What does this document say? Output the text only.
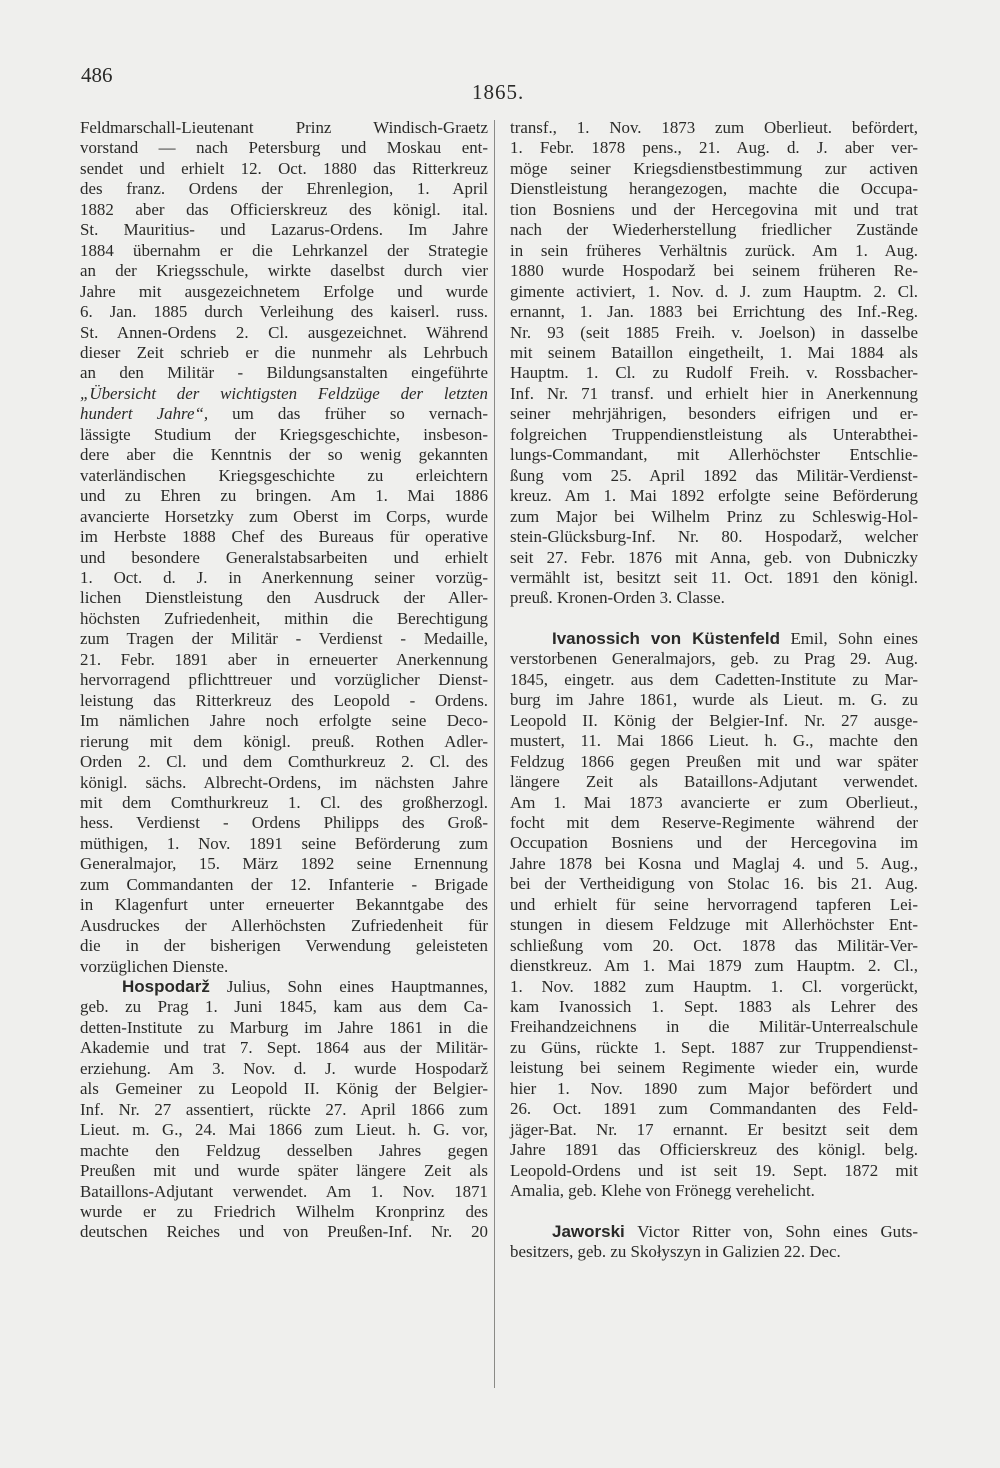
486
1865.
Feldmarschall-Lieutenant Prinz Windisch-Graetz
vorstand — nach Petersburg und Moskau ent-
sendet und erhielt 12. Oct. 1880 das Ritterkreuz
des franz. Ordens der Ehrenlegion, 1. April
1882 aber das Officierskreuz des königl. ital.
St. Mauritius- und Lazarus-Ordens. Im Jahre
1884 übernahm er die Lehrkanzel der Strategie
an der Kriegsschule, wirkte daselbst durch vier
Jahre mit ausgezeichnetem Erfolge und wurde
6. Jan. 1885 durch Verleihung des kaiserl. russ.
St. Annen-Ordens 2. Cl. ausgezeichnet. Während
dieser Zeit schrieb er die nunmehr als Lehrbuch
an den Militär - Bildungsanstalten eingeführte
„Übersicht der wichtigsten Feldzüge der letzten
hundert Jahre“, um das früher so vernach-
lässigte Studium der Kriegsgeschichte, insbeson-
dere aber die Kenntnis der so wenig gekannten
vaterländischen Kriegsgeschichte zu erleichtern
und zu Ehren zu bringen. Am 1. Mai 1886
avancierte Horsetzky zum Oberst im Corps, wurde
im Herbste 1888 Chef des Bureaus für operative
und besondere Generalstabsarbeiten und erhielt
1. Oct. d. J. in Anerkennung seiner vorzüg-
lichen Dienstleistung den Ausdruck der Aller-
höchsten Zufriedenheit, mithin die Berechtigung
zum Tragen der Militär - Verdienst - Medaille,
21. Febr. 1891 aber in erneuerter Anerkennung
hervorragend pflichttreuer und vorzüglicher Dienst-
leistung das Ritterkreuz des Leopold - Ordens.
Im nämlichen Jahre noch erfolgte seine Deco-
rierung mit dem königl. preuß. Rothen Adler-
Orden 2. Cl. und dem Comthurkreuz 2. Cl. des
königl. sächs. Albrecht-Ordens, im nächsten Jahre
mit dem Comthurkreuz 1. Cl. des großherzogl.
hess. Verdienst - Ordens Philipps des Groß-
müthigen, 1. Nov. 1891 seine Beförderung zum
Generalmajor, 15. März 1892 seine Ernennung
zum Commandanten der 12. Infanterie - Brigade
in Klagenfurt unter erneuerter Bekanntgabe des
Ausdruckes der Allerhöchsten Zufriedenheit für
die in der bisherigen Verwendung geleisteten
vorzüglichen Dienste.
Hospodarž Julius, Sohn eines Hauptmannes,
geb. zu Prag 1. Juni 1845, kam aus dem Ca-
detten-Institute zu Marburg im Jahre 1861 in die
Akademie und trat 7. Sept. 1864 aus der Militär-
erziehung. Am 3. Nov. d. J. wurde Hospodarž
als Gemeiner zu Leopold II. König der Belgier-
Inf. Nr. 27 assentiert, rückte 27. April 1866 zum
Lieut. m. G., 24. Mai 1866 zum Lieut. h. G. vor,
machte den Feldzug desselben Jahres gegen
Preußen mit und wurde später längere Zeit als
Bataillons-Adjutant verwendet. Am 1. Nov. 1871
wurde er zu Friedrich Wilhelm Kronprinz des
deutschen Reiches und von Preußen-Inf. Nr. 20
transf., 1. Nov. 1873 zum Oberlieut. befördert,
1. Febr. 1878 pens., 21. Aug. d. J. aber ver-
möge seiner Kriegsdienstbestimmung zur activen
Dienstleistung herangezogen, machte die Occupa-
tion Bosniens und der Hercegovina mit und trat
nach der Wiederherstellung friedlicher Zustände
in sein früheres Verhältnis zurück. Am 1. Aug.
1880 wurde Hospodarž bei seinem früheren Re-
gimente activiert, 1. Nov. d. J. zum Hauptm. 2. Cl.
ernannt, 1. Jan. 1883 bei Errichtung des Inf.-Reg.
Nr. 93 (seit 1885 Freih. v. Joelson) in dasselbe
mit seinem Bataillon eingetheilt, 1. Mai 1884 als
Hauptm. 1. Cl. zu Rudolf Freih. v. Rossbacher-
Inf. Nr. 71 transf. und erhielt hier in Anerkennung
seiner mehrjährigen, besonders eifrigen und er-
folgreichen Truppendienstleistung als Unterabthei-
lungs-Commandant, mit Allerhöchster Entschlie-
ßung vom 25. April 1892 das Militär-Verdienst-
kreuz. Am 1. Mai 1892 erfolgte seine Beförderung
zum Major bei Wilhelm Prinz zu Schleswig-Hol-
stein-Glücksburg-Inf. Nr. 80. Hospodarž, welcher
seit 27. Febr. 1876 mit Anna, geb. von Dubniczky
vermählt ist, besitzt seit 11. Oct. 1891 den königl.
preuß. Kronen-Orden 3. Classe.
Ivanossich von Küstenfeld Emil, Sohn eines
verstorbenen Generalmajors, geb. zu Prag 29. Aug.
1845, eingetr. aus dem Cadetten-Institute zu Mar-
burg im Jahre 1861, wurde als Lieut. m. G. zu
Leopold II. König der Belgier-Inf. Nr. 27 ausge-
mustert, 11. Mai 1866 Lieut. h. G., machte den
Feldzug 1866 gegen Preußen mit und war später
längere Zeit als Bataillons-Adjutant verwendet.
Am 1. Mai 1873 avancierte er zum Oberlieut.,
focht mit dem Reserve-Regimente während der
Occupation Bosniens und der Hercegovina im
Jahre 1878 bei Kosna und Maglaj 4. und 5. Aug.,
bei der Vertheidigung von Stolac 16. bis 21. Aug.
und erhielt für seine hervorragend tapferen Lei-
stungen in diesem Feldzuge mit Allerhöchster Ent-
schließung vom 20. Oct. 1878 das Militär-Ver-
dienstkreuz. Am 1. Mai 1879 zum Hauptm. 2. Cl.,
1. Nov. 1882 zum Hauptm. 1. Cl. vorgerückt,
kam Ivanossich 1. Sept. 1883 als Lehrer des
Freihandzeichnens in die Militär-Unterrealschule
zu Güns, rückte 1. Sept. 1887 zur Truppendienst-
leistung bei seinem Regimente wieder ein, wurde
hier 1. Nov. 1890 zum Major befördert und
26. Oct. 1891 zum Commandanten des Feld-
jäger-Bat. Nr. 17 ernannt. Er besitzt seit dem
Jahre 1891 das Officierskreuz des königl. belg.
Leopold-Ordens und ist seit 19. Sept. 1872 mit
Amalia, geb. Klehe von Frönegg verehelicht.
Jaworski Victor Ritter von, Sohn eines Guts-
besitzers, geb. zu Skołyszyn in Galizien 22. Dec.
